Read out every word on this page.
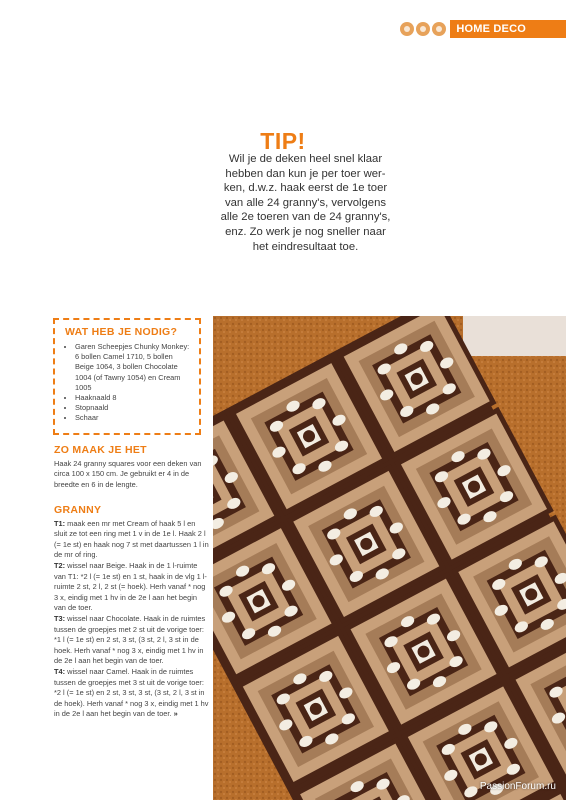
HOME DECO
TIP!
Wil je de deken heel snel klaar
hebben dan kun je per toer wer-
ken, d.w.z. haak eerst de 1e toer
van alle 24 granny's, vervolgens
alle 2e toeren van de 24 granny's,
enz. Zo werk je nog sneller naar
het eindresultaat toe.
WAT HEB JE NODIG?
• Garen Scheepjes Chunky Monkey: 6 bollen Camel 1710, 5 bollen Beige 1064, 3 bollen Chocolate 1004 (of Tawny 1054) en Cream 1005
• Haaknaald 8
• Stopnaald
• Schaar
ZO MAAK JE HET

Haak 24 granny squares voor een deken van circa 100 x 150 cm. Je gebruikt er 4 in de breedte en 6 in de lengte.

GRANNY

T1: maak een mr met Cream of haak 5 l en sluit ze tot een ring met 1 v in de 1e l. Haak 2 l (= 1e st) en haak nog 7 st met daartussen 1 l in de mr of ring.

T2: wissel naar Beige. Haak in de 1 l-ruimte van T1: *2 l (= 1e st) en 1 st, haak in de vlg 1 l-ruimte 2 st, 2 l, 2 st (= hoek). Herh vanaf * nog 3 x, eindig met 1 hv in de 2e l aan het begin van de toer.

T3: wissel naar Chocolate. Haak in de ruimtes tussen de groepjes met 2 st uit de vorige toer: *1 l (= 1e st) en 2 st, 3 st, (3 st, 2 l, 3 st in de hoek. Herh vanaf * nog 3 x, eindig met 1 hv in de 2e l aan het begin van de toer.

T4: wissel naar Camel. Haak in de ruimtes tussen de groepjes met 3 st uit de vorige toer: *2 l (= 1e st) en 2 st, 3 st, 3 st, (3 st, 2 l, 3 st in de hoek). Herh vanaf * nog 3 x, eindig met 1 hv in de 2e l aan het begin van de toer. »

PassionForum.ru
